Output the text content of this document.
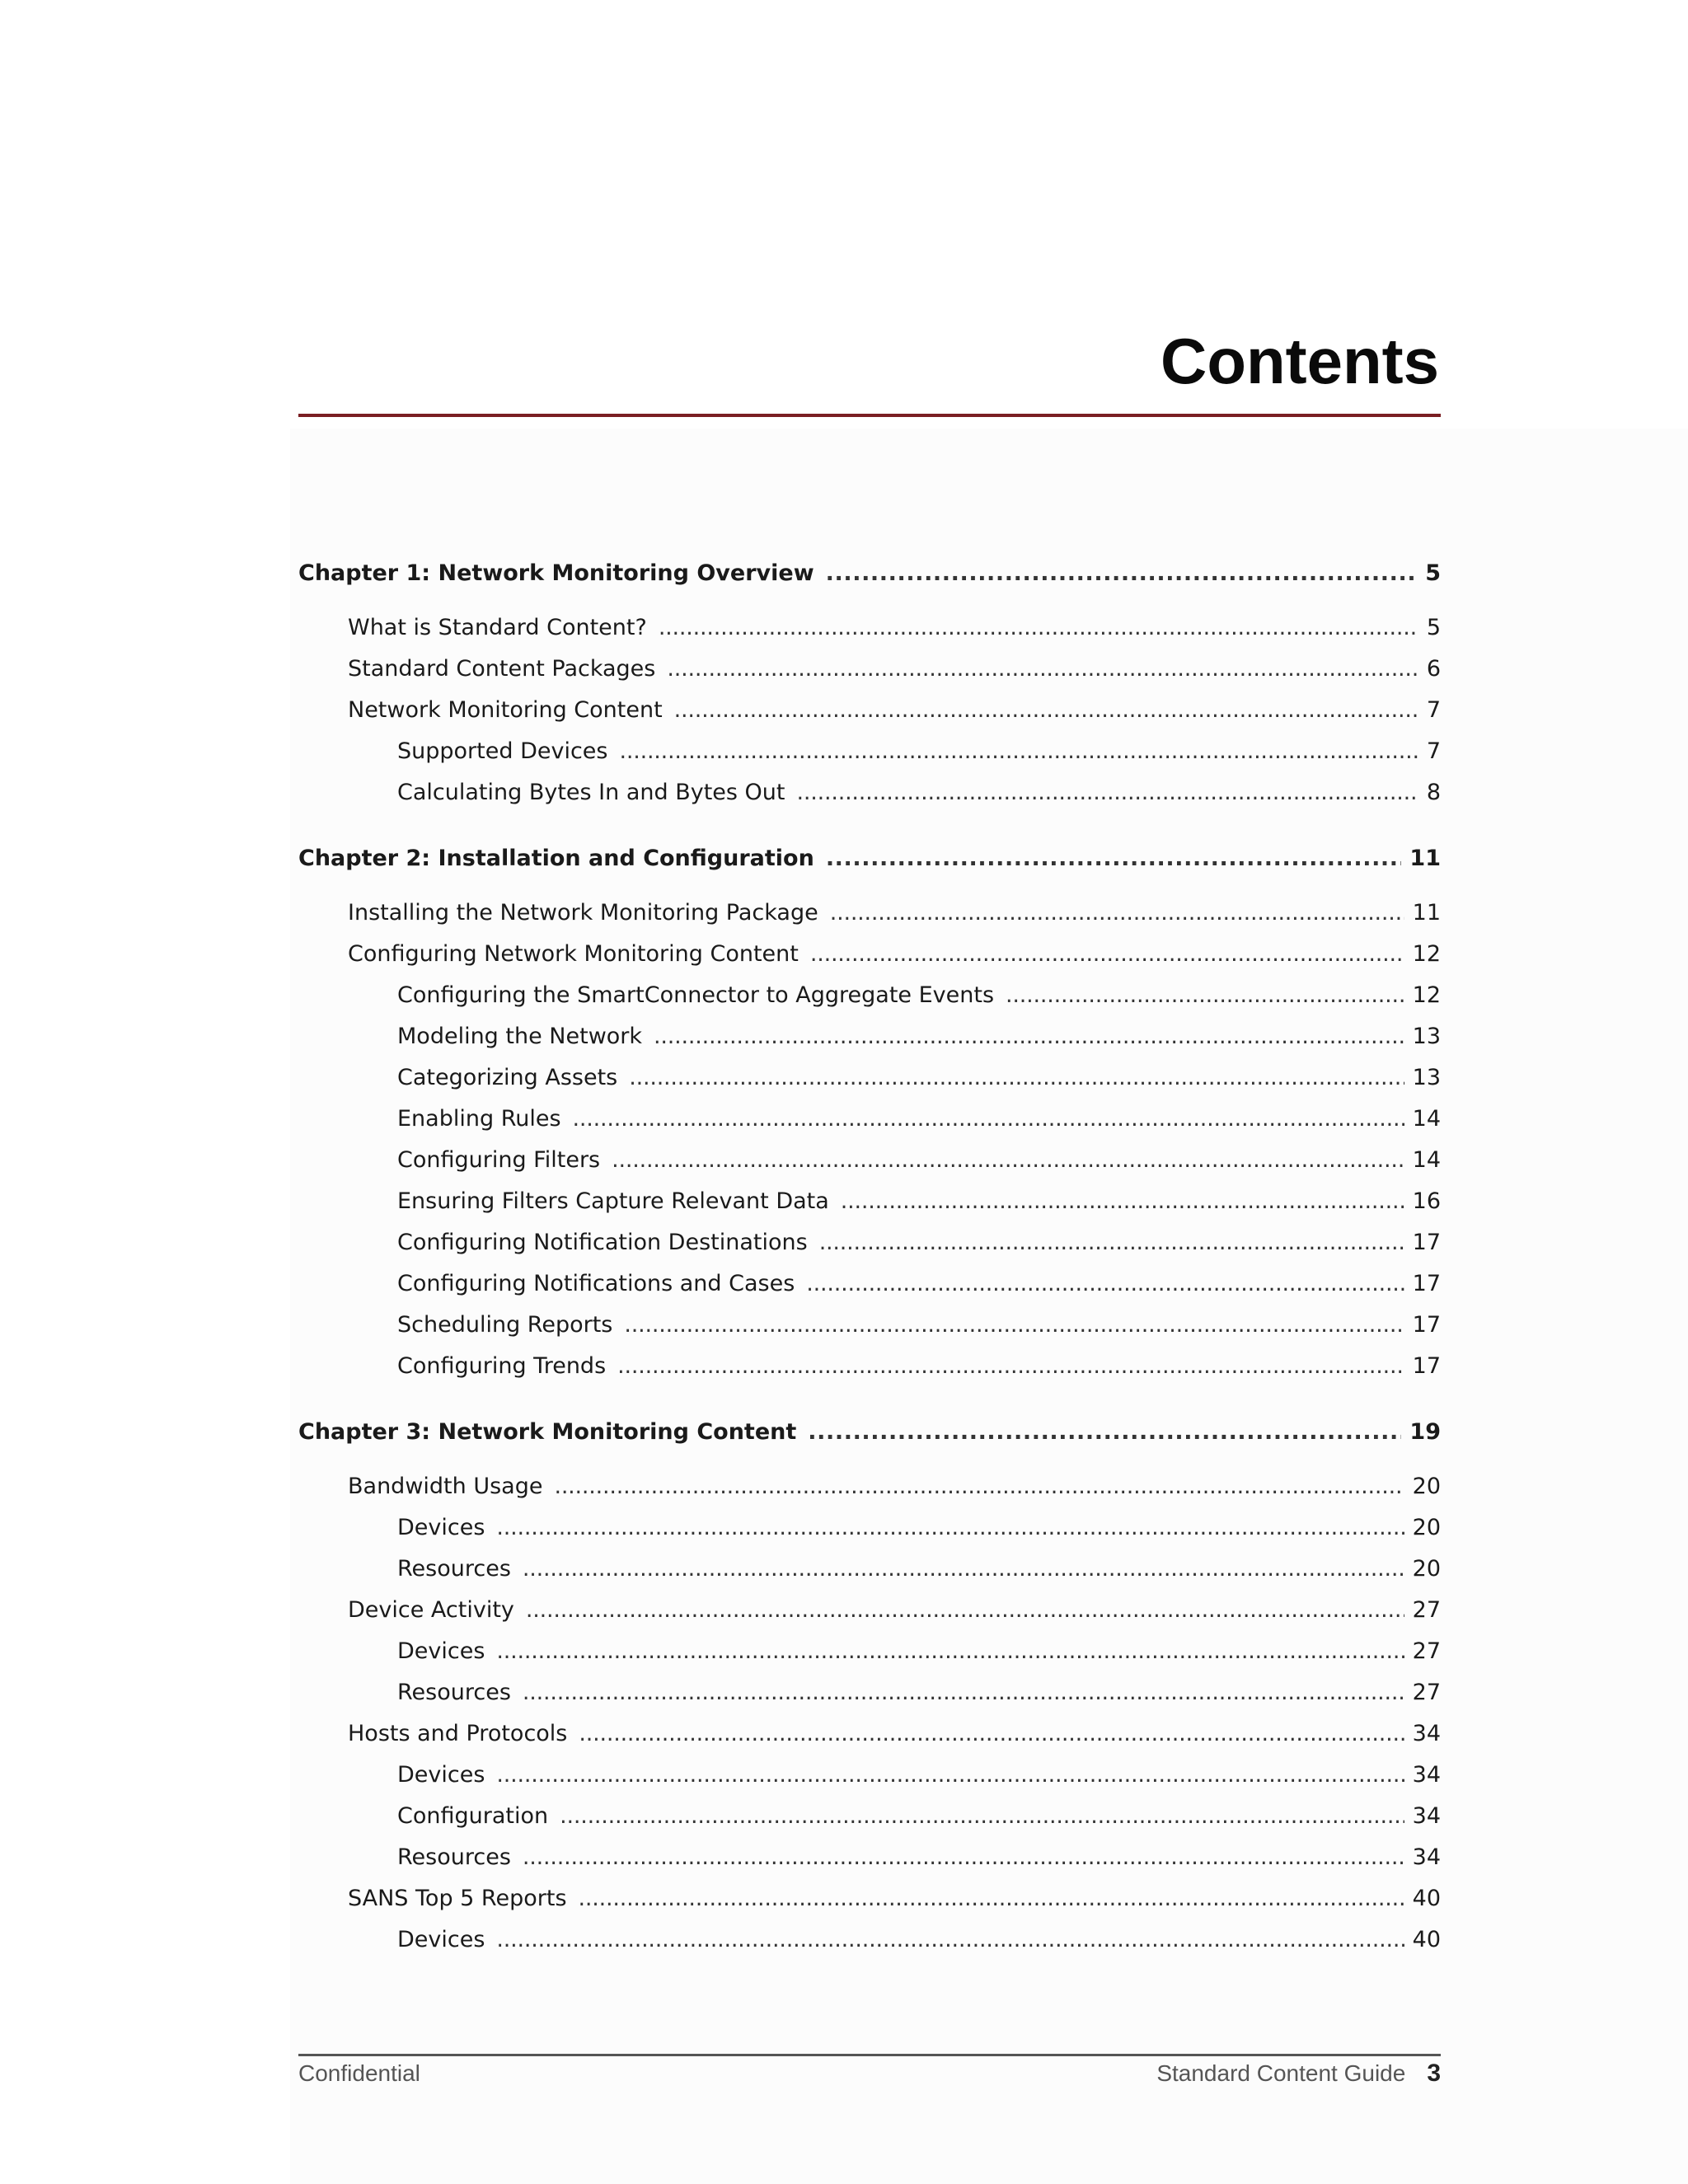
Contents
Chapter 1: Network Monitoring Overview . . .	5
What is Standard Content? . . .	5
Standard Content Packages . . .	6
Network Monitoring Content . . .	7
Supported Devices . . .	7
Calculating Bytes In and Bytes Out . . .	8
Chapter 2: Installation and Configuration . . .	11
Installing the Network Monitoring Package . . .	11
Configuring Network Monitoring Content . . .	12
Configuring the SmartConnector to Aggregate Events . . .	12
Modeling the Network . . .	13
Categorizing Assets . . .	13
Enabling Rules . . .	14
Configuring Filters . . .	14
Ensuring Filters Capture Relevant Data . . .	16
Configuring Notification Destinations . . .	17
Configuring Notifications and Cases . . .	17
Scheduling Reports . . .	17
Configuring Trends . . .	17
Chapter 3: Network Monitoring Content . . .	19
Bandwidth Usage . . .	20
Devices . . .	20
Resources . . .	20
Device Activity . . .	27
Devices . . .	27
Resources . . .	27
Hosts and Protocols . . .	34
Devices . . .	34
Configuration . . .	34
Resources . . .	34
SANS Top 5 Reports . . .	40
Devices . . .	40
Confidential	Standard Content Guide 3
